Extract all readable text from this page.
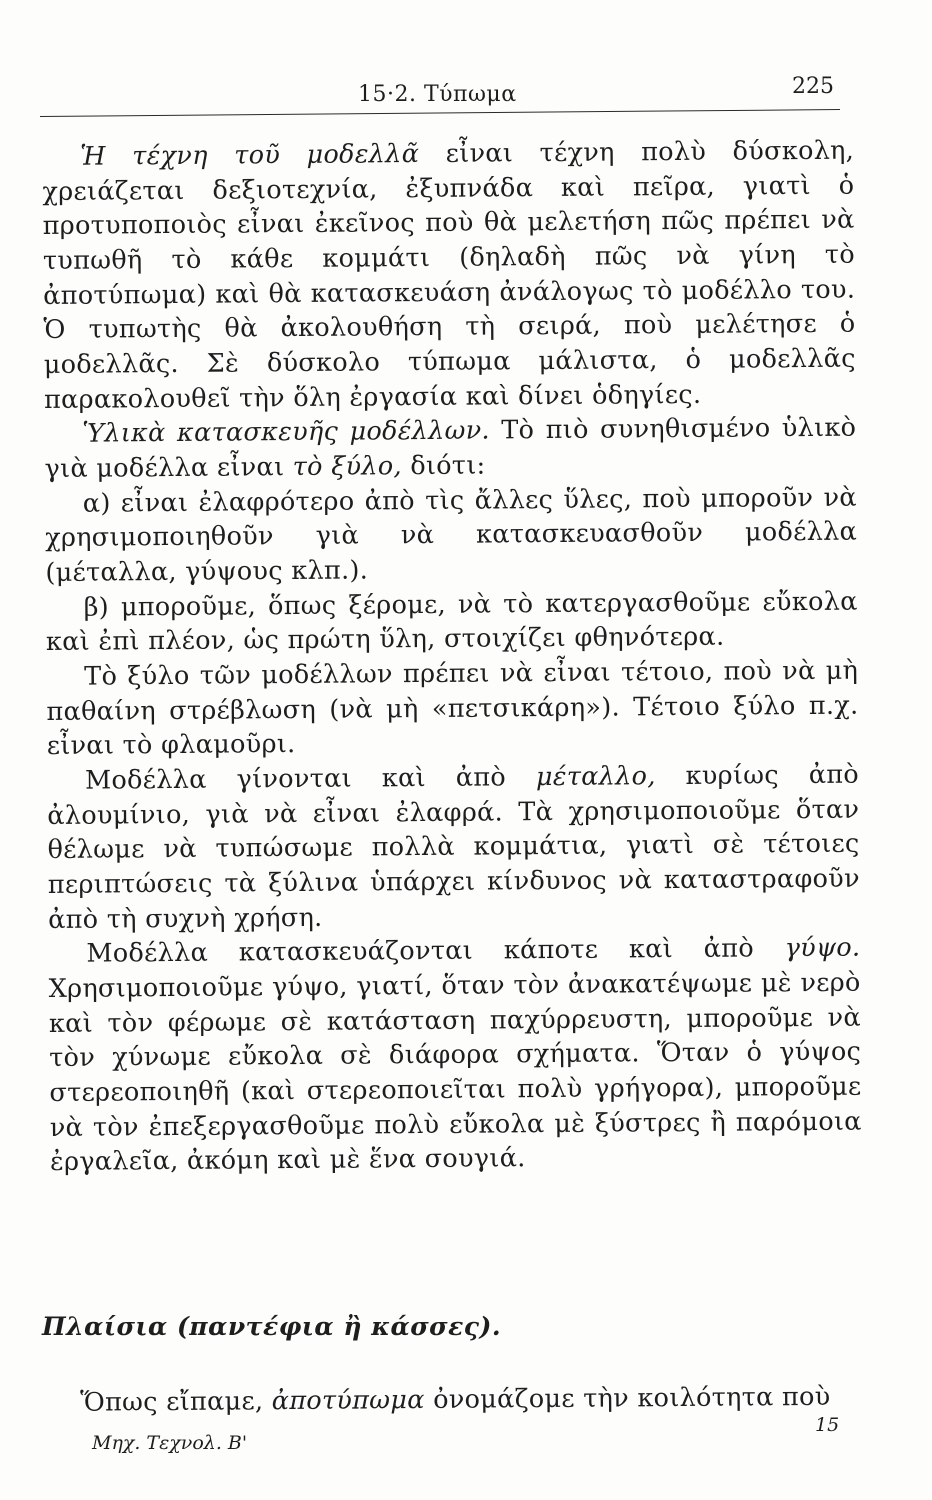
15·2. Τύπωμα	225

Ἡ τέχνη τοῦ μοδελλᾶ εἶναι τέχνη πολὺ δύσκολη, χρειάζεται δεξιοτεχνία, ἐξυπνάδα καὶ πεῖρα, γιατὶ ὁ προτυποποιὸς εἶναι ἐκεῖνος ποὺ θὰ μελετήση πῶς πρέπει νὰ τυπωθῆ τὸ κάθε κομμάτι (δηλαδὴ πῶς νὰ γίνη τὸ ἀποτύπωμα) καὶ θὰ κατασκευάση ἀνάλογως τὸ μοδέλλο του. Ὁ τυπωτὴς θὰ ἀκολουθήση τὴ σειρά, ποὺ μελέτησε ὁ μοδελλᾶς. Σὲ δύσκολο τύπωμα μάλιστα, ὁ μοδελλᾶς παρακολουθεῖ τὴν ὅλη ἐργασία καὶ δίνει ὁδηγίες.

Ὑλικὰ κατασκευῆς μοδέλλων. Τὸ πιὸ συνηθισμένο ὑλικὸ γιὰ μοδέλλα εἶναι τὸ ξύλο, διότι:

α) εἶναι ἐλαφρότερο ἀπὸ τὶς ἄλλες ὕλες, ποὺ μποροῦν νὰ χρησιμοποιηθοῦν γιὰ νὰ κατασκευασθοῦν μοδέλλα (μέταλλα, γύψους κλπ.).

β) μποροῦμε, ὅπως ξέρομε, νὰ τὸ κατεργασθοῦμε εὔκολα καὶ ἐπὶ πλέον, ὡς πρώτη ὕλη, στοιχίζει φθηνότερα.

Τὸ ξύλο τῶν μοδέλλων πρέπει νὰ εἶναι τέτοιο, ποὺ νὰ μὴ παθαίνη στρέβλωση (νὰ μὴ «πετσικάρη»). Τέτοιο ξύλο π.χ. εἶναι τὸ φλαμοῦρι.

Μοδέλλα γίνονται καὶ ἀπὸ μέταλλο, κυρίως ἀπὸ ἀλουμίνιο, γιὰ νὰ εἶναι ἐλαφρά. Τὰ χρησιμοποιοῦμε ὅταν θέλωμε νὰ τυπώσωμε πολλὰ κομμάτια, γιατὶ σὲ τέτοιες περιπτώσεις τὰ ξύλινα ὑπάρχει κίνδυνος νὰ καταστραφοῦν ἀπὸ τὴ συχνὴ χρήση.

Μοδέλλα κατασκευάζονται κάποτε καὶ ἀπὸ γύψο. Χρησιμοποιοῦμε γύψο, γιατί, ὅταν τὸν ἀνακατέψωμε μὲ νερὸ καὶ τὸν φέρωμε σὲ κατάσταση παχύρρευστη, μποροῦμε νὰ τὸν χύνωμε εὔκολα σὲ διάφορα σχήματα. Ὅταν ὁ γύψος στερεοποιηθῆ (καὶ στερεοποιεῖται πολὺ γρήγορα), μποροῦμε νὰ τὸν ἐπεξεργασθοῦμε πολὺ εὔκολα μὲ ξύστρες ἢ παρόμοια ἐργαλεῖα, ἀκόμη καὶ μὲ ἕνα σουγιά.

Πλαίσια (παντέφια ἢ κάσσες).

Ὅπως εἴπαμε, ἀποτύπωμα ὀνομάζομε τὴν κοιλότητα ποὺ

Μηχ. Τεχνολ. Β'
15
